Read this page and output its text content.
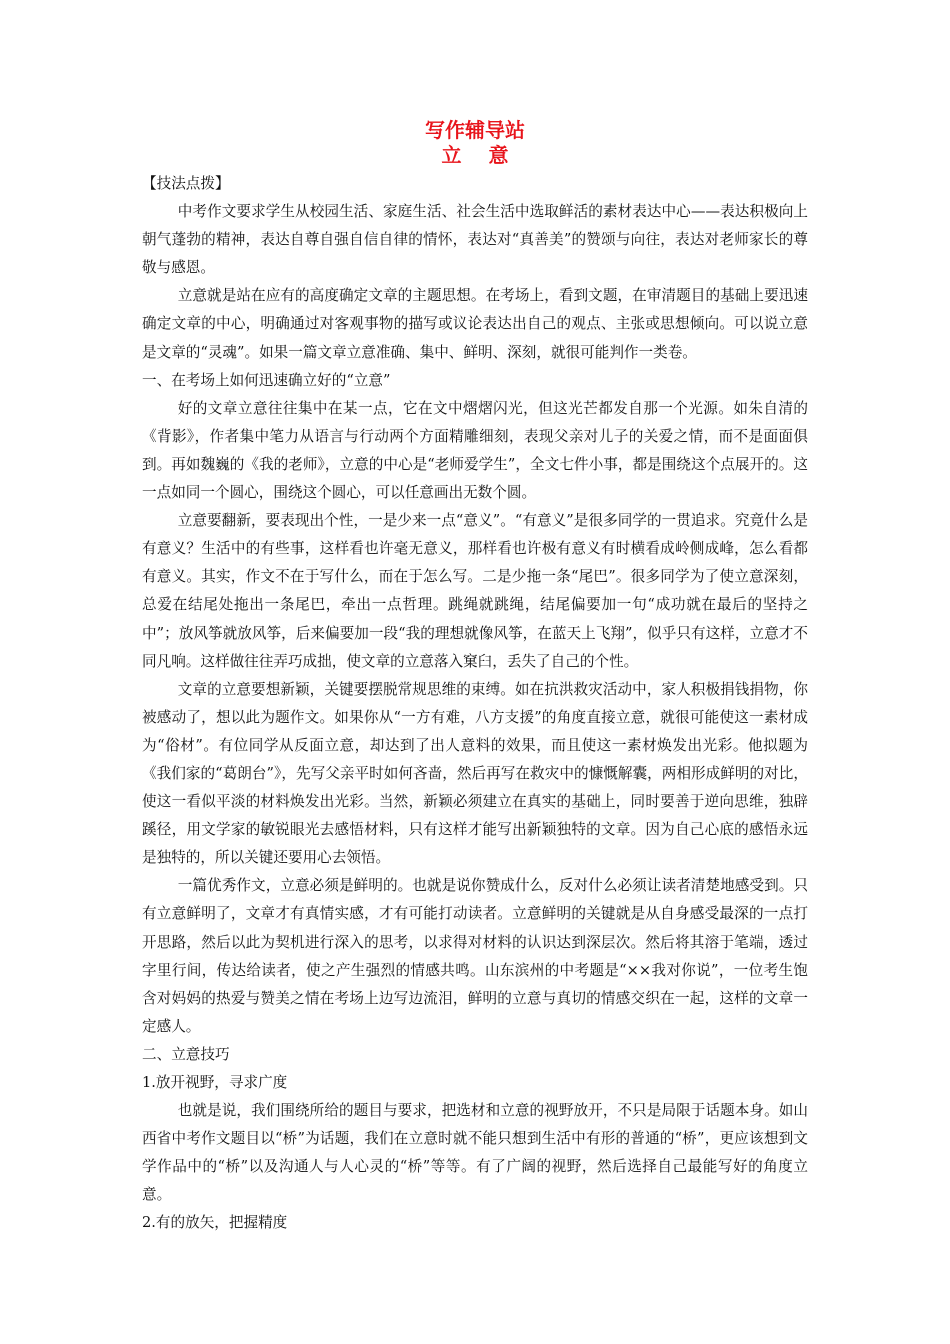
写作辅导站
立 意

【技法点拨】

中考作文要求学生从校园生活、家庭生活、社会生活中选取鲜活的素材表达中心——表达积极向上朝气蓬勃的精神，表达自尊自强自信自律的情怀，表达对“真善美”的赞颂与向往，表达对老师家长的尊敬与感恩。

立意就是站在应有的高度确定文章的主题思想。在考场上，看到文题，在审清题目的基础上要迅速确定文章的中心，明确通过对客观事物的描写或议论表达出自己的观点、主张或思想倾向。可以说立意是文章的“灵魂”。如果一篇文章立意准确、集中、鲜明、深刻，就很可能判作一类卷。

一、在考场上如何迅速确立好的“立意”

好的文章立意往往集中在某一点，它在文中熠熠闪光，但这光芒都发自那一个光源。如朱自清的《背影》，作者集中笔力从语言与行动两个方面精雕细刻，表现父亲对儿子的关爱之情，而不是面面俱到。再如魏巍的《我的老师》，立意的中心是“老师爱学生”，全文七件小事，都是围绕这个点展开的。这一点如同一个圆心，围绕这个圆心，可以任意画出无数个圆。

立意要翻新，要表现出个性，一是少来一点“意义”。“有意义”是很多同学的一贯追求。究竟什么是有意义？生活中的有些事，这样看也许毫无意义，那样看也许极有意义有时横看成岭侧成峰，怎么看都有意义。其实，作文不在于写什么，而在于怎么写。二是少拖一条“尾巴”。很多同学为了使立意深刻，总爱在结尾处拖出一条尾巴，牵出一点哲理。跳绳就跳绳，结尾偏要加一句“成功就在最后的坚持之中”；放风筝就放风筝，后来偏要加一段“我的理想就像风筝，在蓝天上飞翔”，似乎只有这样，立意才不同凡响。这样做往往弄巧成拙，使文章的立意落入窠臼，丢失了自己的个性。

文章的立意要想新颖，关键要摆脱常规思维的束缚。如在抗洪救灾活动中，家人积极捐钱捐物，你被感动了，想以此为题作文。如果你从“一方有难，八方支援”的角度直接立意，就很可能使这一素材成为“俗材”。有位同学从反面立意，却达到了出人意料的效果，而且使这一素材焕发出光彩。他拟题为《我们家的“葛朗台”》，先写父亲平时如何吝啬，然后再写在救灾中的慷慨解囊，两相形成鲜明的对比，使这一看似平淡的材料焕发出光彩。当然，新颖必须建立在真实的基础上，同时要善于逆向思维，独辟蹊径，用文学家的敏锐眼光去感悟材料，只有这样才能写出新颖独特的文章。因为自己心底的感悟永远是独特的，所以关键还要用心去领悟。

一篇优秀作文，立意必须是鲜明的。也就是说你赞成什么，反对什么必须让读者清楚地感受到。只有立意鲜明了，文章才有真情实感，才有可能打动读者。立意鲜明的关键就是从自身感受最深的一点打开思路，然后以此为契机进行深入的思考，以求得对材料的认识达到深层次。然后将其溶于笔端，透过字里行间，传达给读者，使之产生强烈的情感共鸣。山东滨州的中考题是“××我对你说”，一位考生饱含对妈妈的热爱与赞美之情在考场上边写边流泪，鲜明的立意与真切的情感交织在一起，这样的文章一定感人。

二、立意技巧

1.放开视野，寻求广度

也就是说，我们围绕所给的题目与要求，把选材和立意的视野放开，不只是局限于话题本身。如山西省中考作文题目以“桥”为话题，我们在立意时就不能只想到生活中有形的普通的“桥”，更应该想到文学作品中的“桥”以及沟通人与人心灵的“桥”等等。有了广阔的视野，然后选择自己最能写好的角度立意。

2.有的放矢，把握精度
